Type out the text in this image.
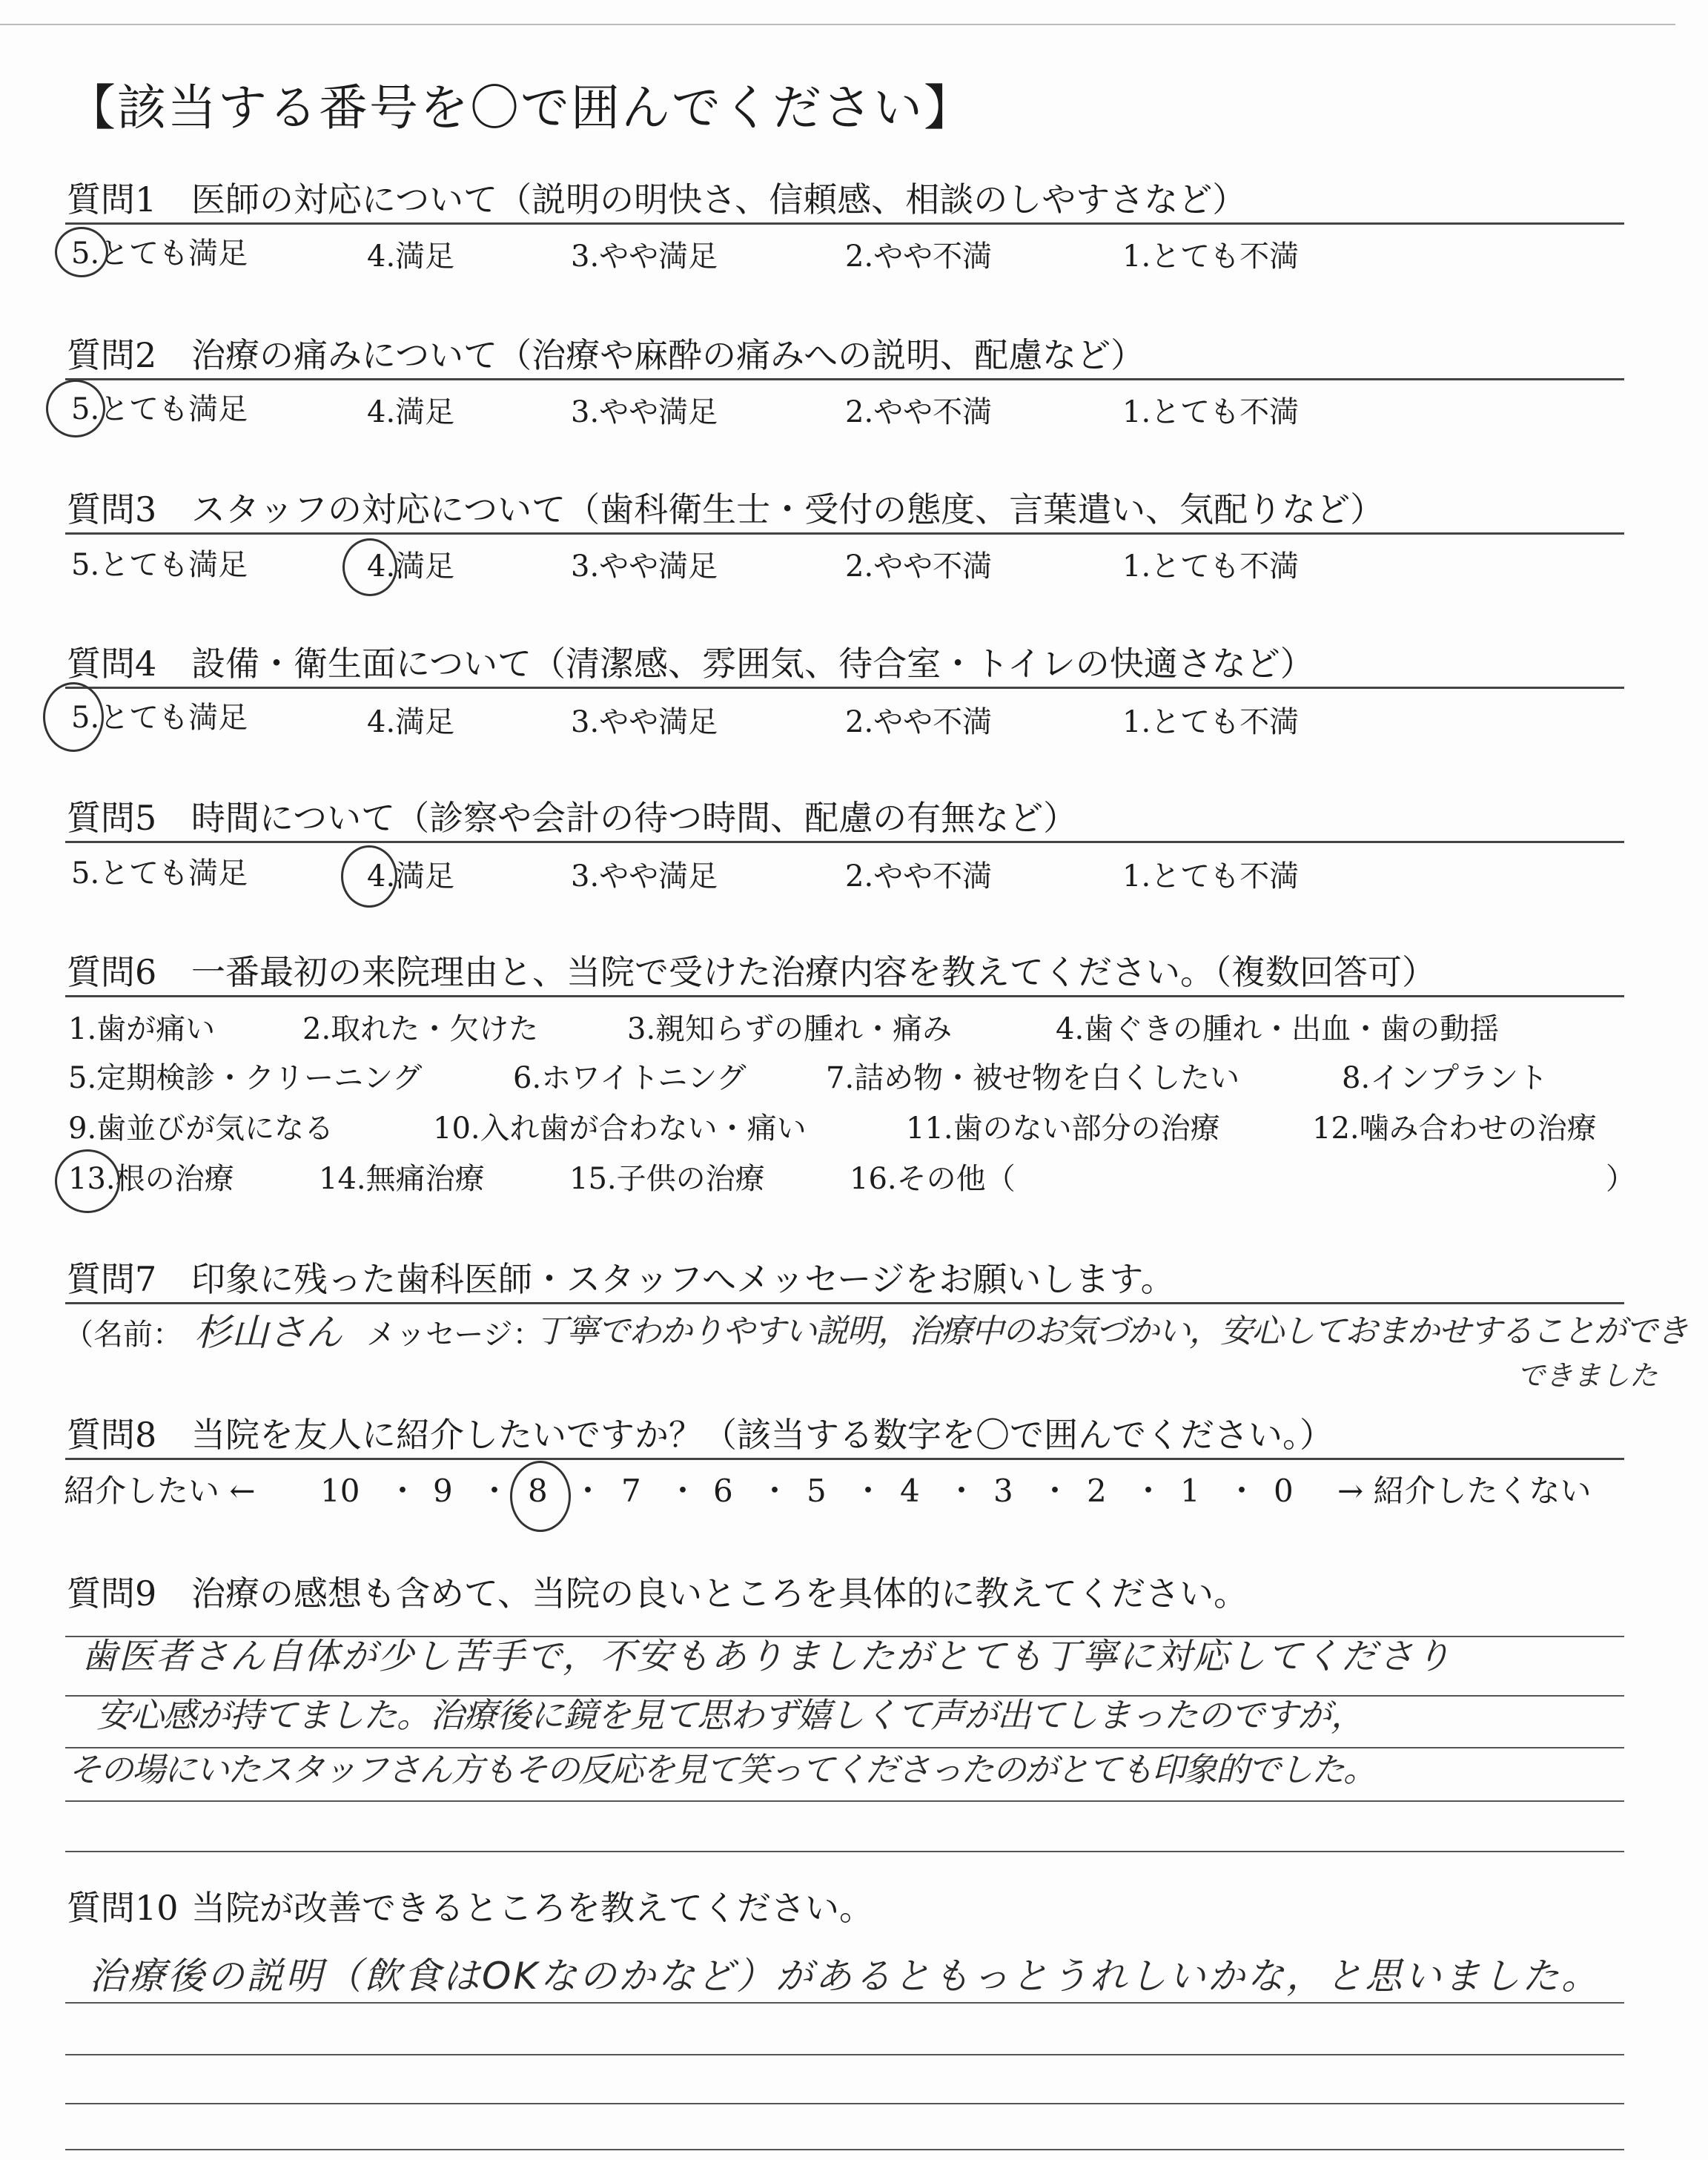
【該当する番号を〇で囲んでください】
質問1 医師の対応について（説明の明快さ、信頼感、相談のしやすさなど）
5.とても満足	4.満足	3.やや満足	2.やや不満	1.とても不満
質問2 治療の痛みについて（治療や麻酔の痛みへの説明、配慮など）
5.とても満足	4.満足	3.やや満足	2.やや不満	1.とても不満
質問3 スタッフの対応について（歯科衛生士・受付の態度、言葉遣い、気配りなど）
5.とても満足	4.満足	3.やや満足	2.やや不満	1.とても不満
質問4 設備・衛生面について（清潔感、雰囲気、待合室・トイレの快適さなど）
5.とても満足	4.満足	3.やや満足	2.やや不満	1.とても不満
質問5 時間について（診察や会計の待つ時間、配慮の有無など）
5.とても満足	4.満足	3.やや満足	2.やや不満	1.とても不満
質問6 一番最初の来院理由と、当院で受けた治療内容を教えてください。（複数回答可）
1.歯が痛い	2.取れた・欠けた	3.親知らずの腫れ・痛み	4.歯ぐきの腫れ・出血・歯の動揺
5.定期検診・クリーニング	6.ホワイトニング	7.詰め物・被せ物を白くしたい	8.インプラント
9.歯並びが気になる	10.入れ歯が合わない・痛い	11.歯のない部分の治療	12.噛み合わせの治療
13.根の治療	14.無痛治療	15.子供の治療	16.その他（	）
質問7 印象に残った歯科医師・スタッフへメッセージをお願いします。
（名前： 杉山さん メッセージ：
丁寧でわかりやすい説明，治療中のお気づかい，安心しておまかせすることができ
できました
質問8 当院を友人に紹介したいですか？（該当する数字を〇で囲んでください。）
紹介したい ← 10 ・ 9 ・ 8 ・ 7 ・ 6 ・ 5 ・ 4 ・ 3 ・ 2 ・ 1 ・ 0 → 紹介したくない
質問9 治療の感想も含めて、当院の良いところを具体的に教えてください。
歯医者さん自体が少し苦手で，不安もありましたがとても丁寧に対応してくださり
安心感が持てました。治療後に鏡を見て思わず嬉しくて声が出てしまったのですが，
その場にいたスタッフさん方もその反応を見て笑ってくださったのがとても印象的でした。
質問10 当院が改善できるところを教えてください。
治療後の説明（飲食はOKなのかなど）があるともっとうれしいかな，と思いました。
